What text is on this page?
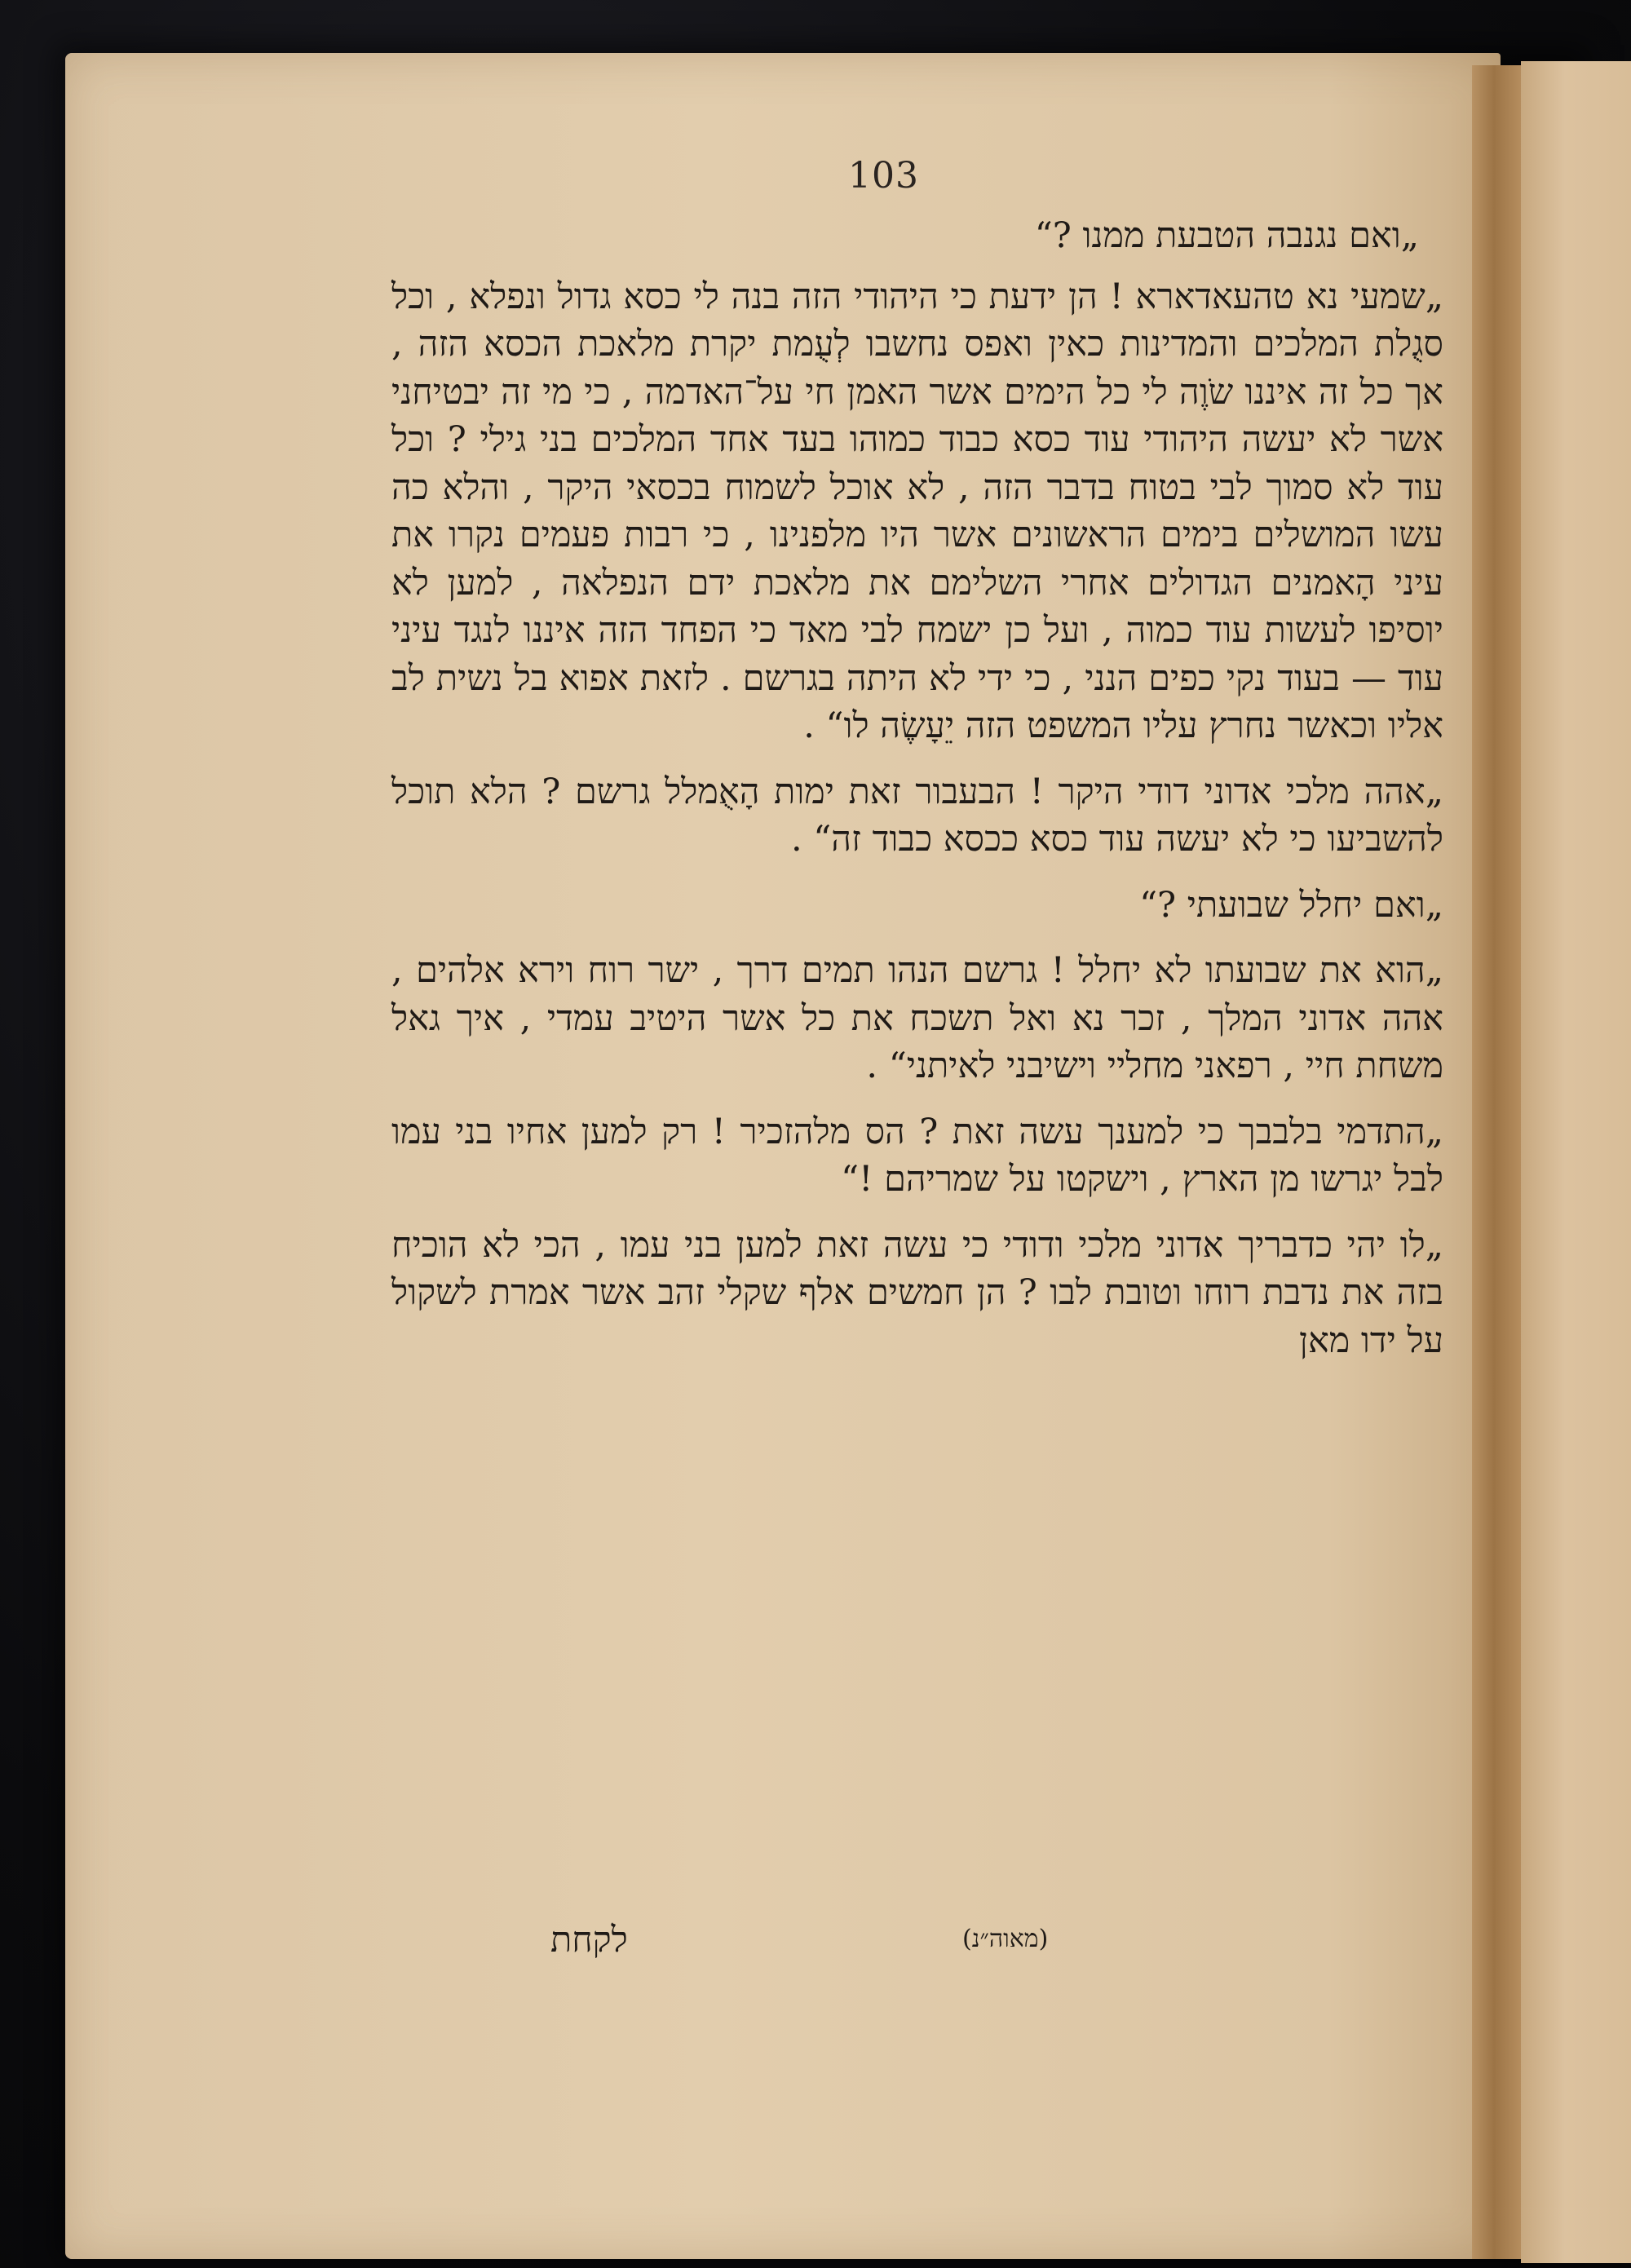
103

„ואם נגנבה הטבעת ממנו ?“

„שמעי נא טהעאדארא ! הן ידעת כי היהודי הזה בנה לי כסא גדול ונפלא , וכל סגֻלת המלכים והמדינות כאין ואפס נחשבו לְעֻמת יקרת מלאכת הכסא הזה , אך כל זה איננו שֹוֶה לי כל הימים אשר האמן חי על־האדמה , כי מי זה יבטיחני אשר לא יעשה היהודי עוד כסא כבוד כמוהו בעד אחד המלכים בני גילי ? וכל עוד לא סמוך לבי בטוח בדבר הזה , לא אוכל לשמוח בכסאי היקר , והלא כה עשו המושלים בימים הראשונים אשר היו מלפנינו , כי רבות פעמים נקרו את עיני הָאמנים הגדולים אחרי השלימם את מלאכת ידם הנפלאה , למען לא יוסיפו לעשות עוד כמוה , ועל כן ישמח לבי מאד כי הפחד הזה איננו לנגד עיני עוד — בעוד נקי כפים הנני , כי ידי לא היתה בגרשם . לזאת אפוא בל נשית לב אליו וכאשר נחרץ עליו המשפט הזה יֵעָשֶׂה לו“ .

„אהה מלכי אדוני דודי היקר ! הבעבור זאת ימות הָאֻמלל גרשם ? הלא תוכל להשביעו כי לא יעשה עוד כסא ככסא כבוד זה“ .

„ואם יחלל שבועתי ?“

„הוא את שבועתו לא יחלל ! גרשם הנהו תמים דרך , ישר רוח וירא אלהים , אהה אדוני המלך , זכר נא ואל תשכח את כל אשר היטיב עמדי , איך גאל משחת חיי , רפאני מחליי וישיבני לאיתני“ .

„התדמי בלבבך כי למענך עשה זאת ? הס מלהזכיר ! רק למען אחיו בני עמו לבל יגרשו מן הארץ , וישקטו על שמריהם !“

„לו יהי כדבריך אדוני מלכי ודודי כי עשה זאת למען בני עמו , הכי לא הוכיח בזה את נדבת רוחו וטובת לבו ? הן חמשים אלף שקלי זהב אשר אמרת לשקול על ידו מאן

(מאוה״נ)
לקחת
